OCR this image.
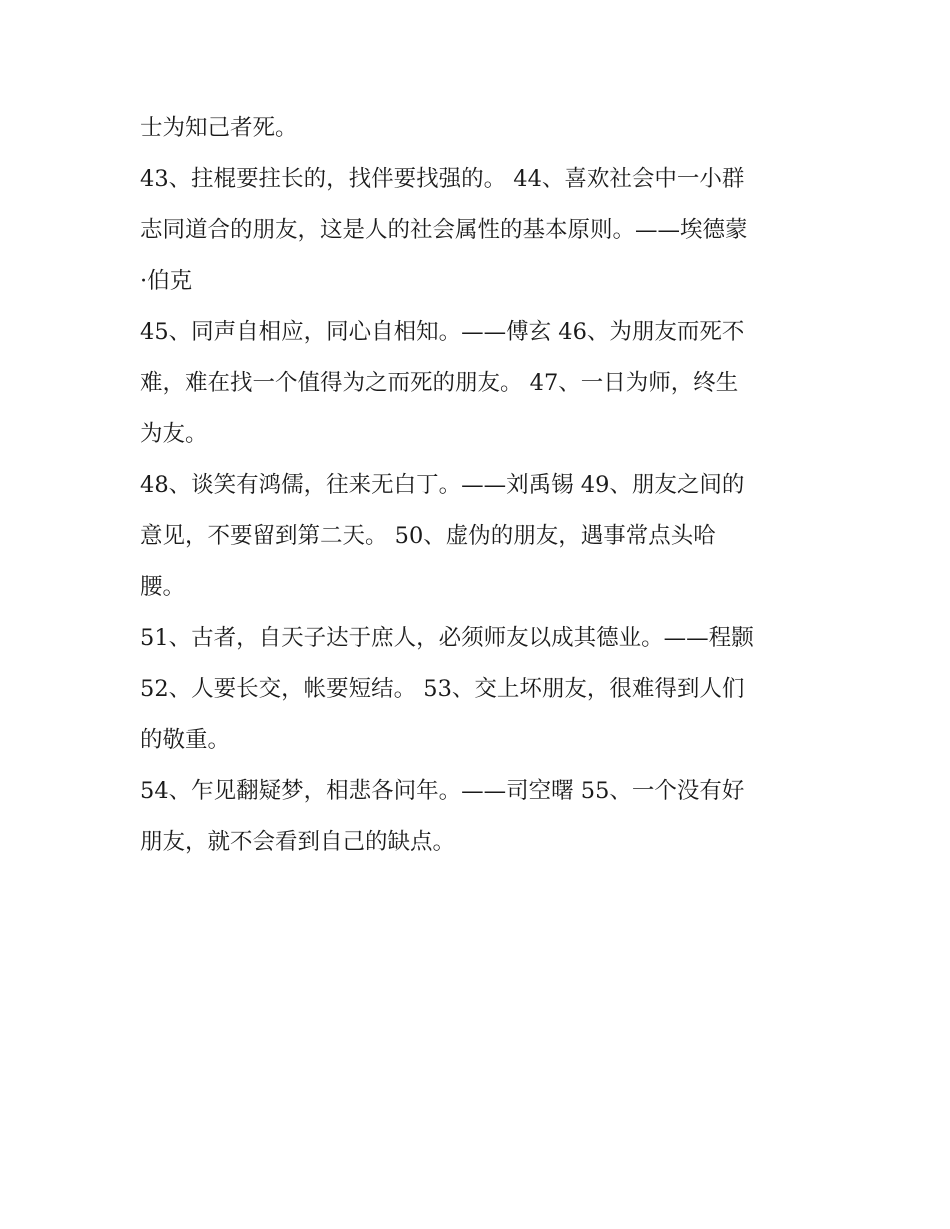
士为知己者死。
43、拄棍要拄长的，找伴要找强的。 44、喜欢社会中一小群
志同道合的朋友，这是人的社会属性的基本原则。——埃德蒙
·伯克
45、同声自相应，同心自相知。——傅玄 46、为朋友而死不
难，难在找一个值得为之而死的朋友。 47、一日为师，终生
为友。
48、谈笑有鸿儒，往来无白丁。——刘禹锡 49、朋友之间的
意见，不要留到第二天。 50、虚伪的朋友，遇事常点头哈
腰。
51、古者，自天子达于庶人，必须师友以成其德业。——程颢
52、人要长交，帐要短结。 53、交上坏朋友，很难得到人们
的敬重。
54、乍见翻疑梦，相悲各问年。——司空曙 55、一个没有好
朋友，就不会看到自己的缺点。
